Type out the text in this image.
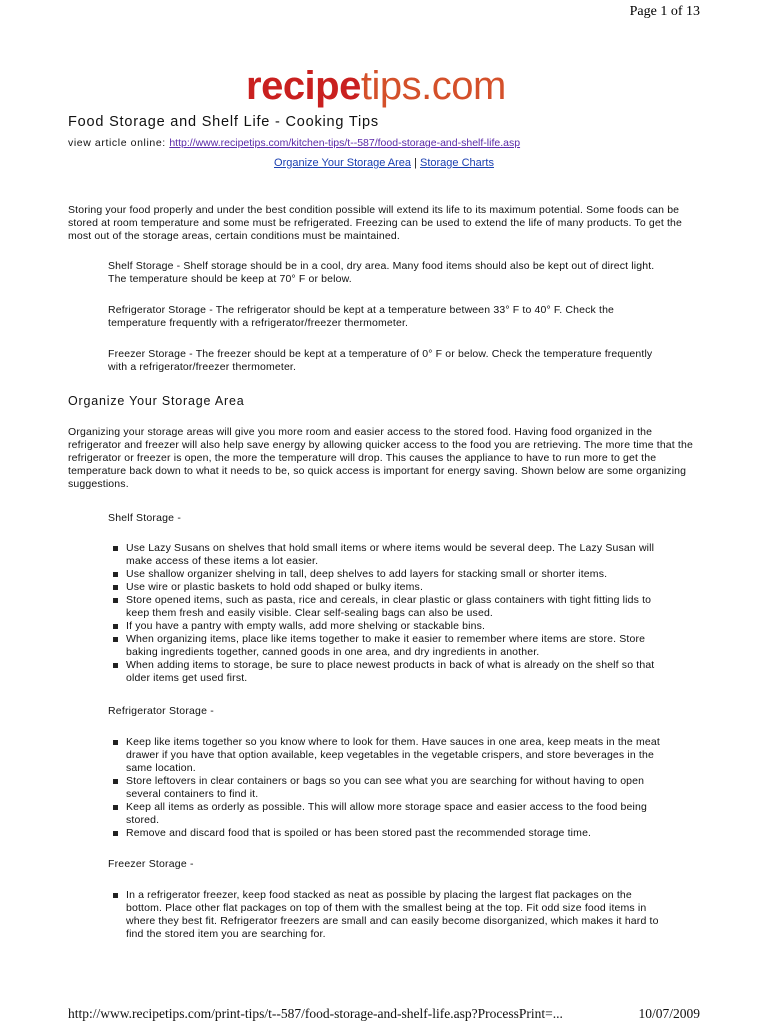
Page 1 of 13
recipetips.com
Food Storage and Shelf Life - Cooking Tips
view article online: http://www.recipetips.com/kitchen-tips/t--587/food-storage-and-shelf-life.asp
Organize Your Storage Area | Storage Charts

Storing your food properly and under the best condition possible will extend its life to its maximum potential. Some foods can be stored at room temperature and some must be refrigerated. Freezing can be used to extend the life of many products. To get the most out of the storage areas, certain conditions must be maintained.

Shelf Storage - Shelf storage should be in a cool, dry area. Many food items should also be kept out of direct light. The temperature should be keep at 70° F or below.

Refrigerator Storage - The refrigerator should be kept at a temperature between 33° F to 40° F. Check the temperature frequently with a refrigerator/freezer thermometer.

Freezer Storage - The freezer should be kept at a temperature of 0° F or below. Check the temperature frequently with a refrigerator/freezer thermometer.

Organize Your Storage Area

Organizing your storage areas will give you more room and easier access to the stored food. Having food organized in the refrigerator and freezer will also help save energy by allowing quicker access to the food you are retrieving. The more time that the refrigerator or freezer is open, the more the temperature will drop. This causes the appliance to have to run more to get the temperature back down to what it needs to be, so quick access is important for energy saving. Shown below are some organizing suggestions.

Shelf Storage -
Use Lazy Susans on shelves that hold small items or where items would be several deep. The Lazy Susan will make access of these items a lot easier.
Use shallow organizer shelving in tall, deep shelves to add layers for stacking small or shorter items.
Use wire or plastic baskets to hold odd shaped or bulky items.
Store opened items, such as pasta, rice and cereals, in clear plastic or glass containers with tight fitting lids to keep them fresh and easily visible. Clear self-sealing bags can also be used.
If you have a pantry with empty walls, add more shelving or stackable bins.
When organizing items, place like items together to make it easier to remember where items are store. Store baking ingredients together, canned goods in one area, and dry ingredients in another.
When adding items to storage, be sure to place newest products in back of what is already on the shelf so that older items get used first.
Refrigerator Storage -
Keep like items together so you know where to look for them. Have sauces in one area, keep meats in the meat drawer if you have that option available, keep vegetables in the vegetable crispers, and store beverages in the same location.
Store leftovers in clear containers or bags so you can see what you are searching for without having to open several containers to find it.
Keep all items as orderly as possible. This will allow more storage space and easier access to the food being stored.
Remove and discard food that is spoiled or has been stored past the recommended storage time.
Freezer Storage -
In a refrigerator freezer, keep food stacked as neat as possible by placing the largest flat packages on the bottom. Place other flat packages on top of them with the smallest being at the top. Fit odd size food items in where they best fit. Refrigerator freezers are small and can easily become disorganized, which makes it hard to find the stored item you are searching for.
http://www.recipetips.com/print-tips/t--587/food-storage-and-shelf-life.asp?ProcessPrint=...	10/07/2009
